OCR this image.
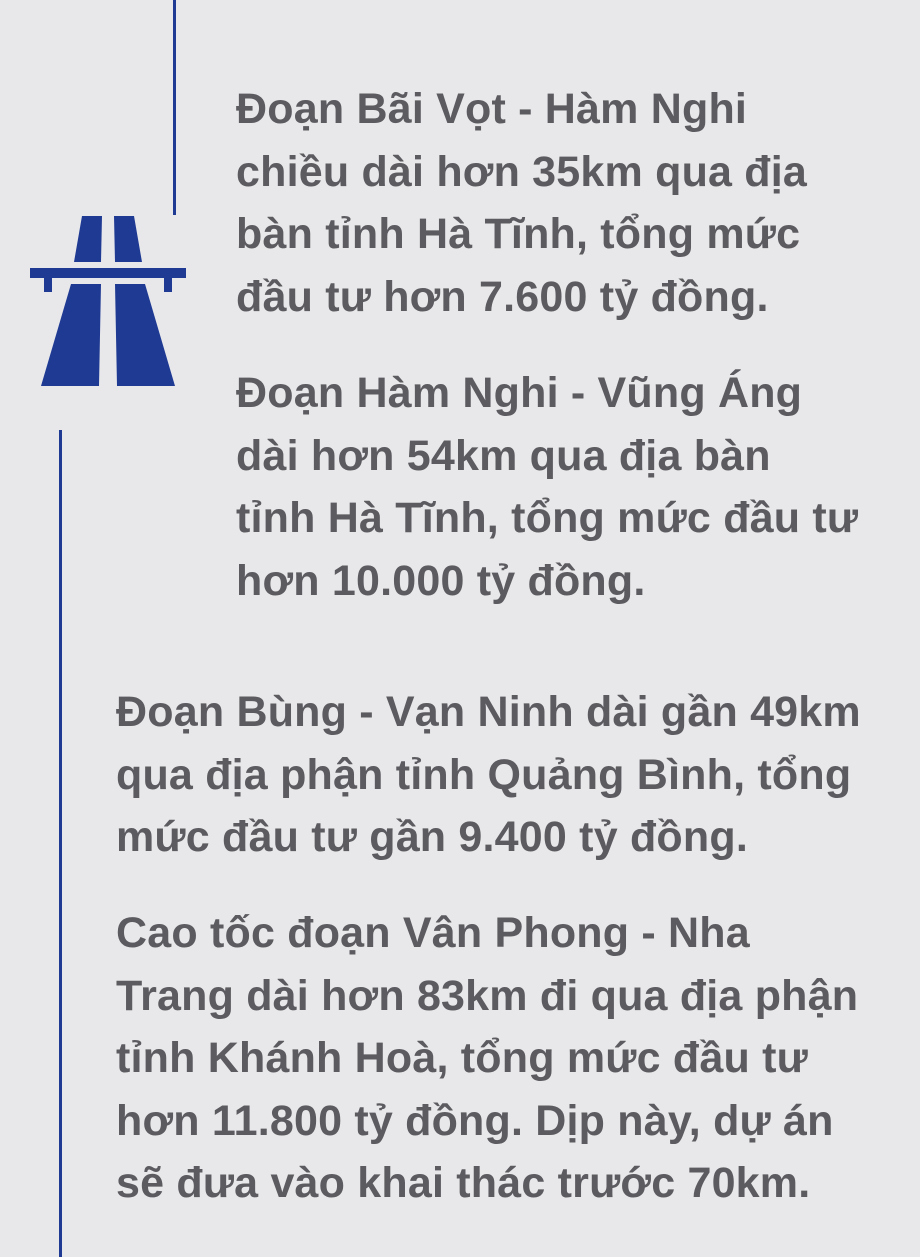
Đoạn Bãi Vọt - Hàm Nghi
chiều dài hơn 35km qua địa
bàn tỉnh Hà Tĩnh, tổng mức
đầu tư hơn 7.600 tỷ đồng.

Đoạn Hàm Nghi - Vũng Áng
dài hơn 54km qua địa bàn
tỉnh Hà Tĩnh, tổng mức đầu tư
hơn 10.000 tỷ đồng.

Đoạn Bùng - Vạn Ninh dài gần 49km
qua địa phận tỉnh Quảng Bình, tổng
mức đầu tư gần 9.400 tỷ đồng.

Cao tốc đoạn Vân Phong - Nha
Trang dài hơn 83km đi qua địa phận
tỉnh Khánh Hoà, tổng mức đầu tư
hơn 11.800 tỷ đồng. Dịp này, dự án
sẽ đưa vào khai thác trước 70km.
